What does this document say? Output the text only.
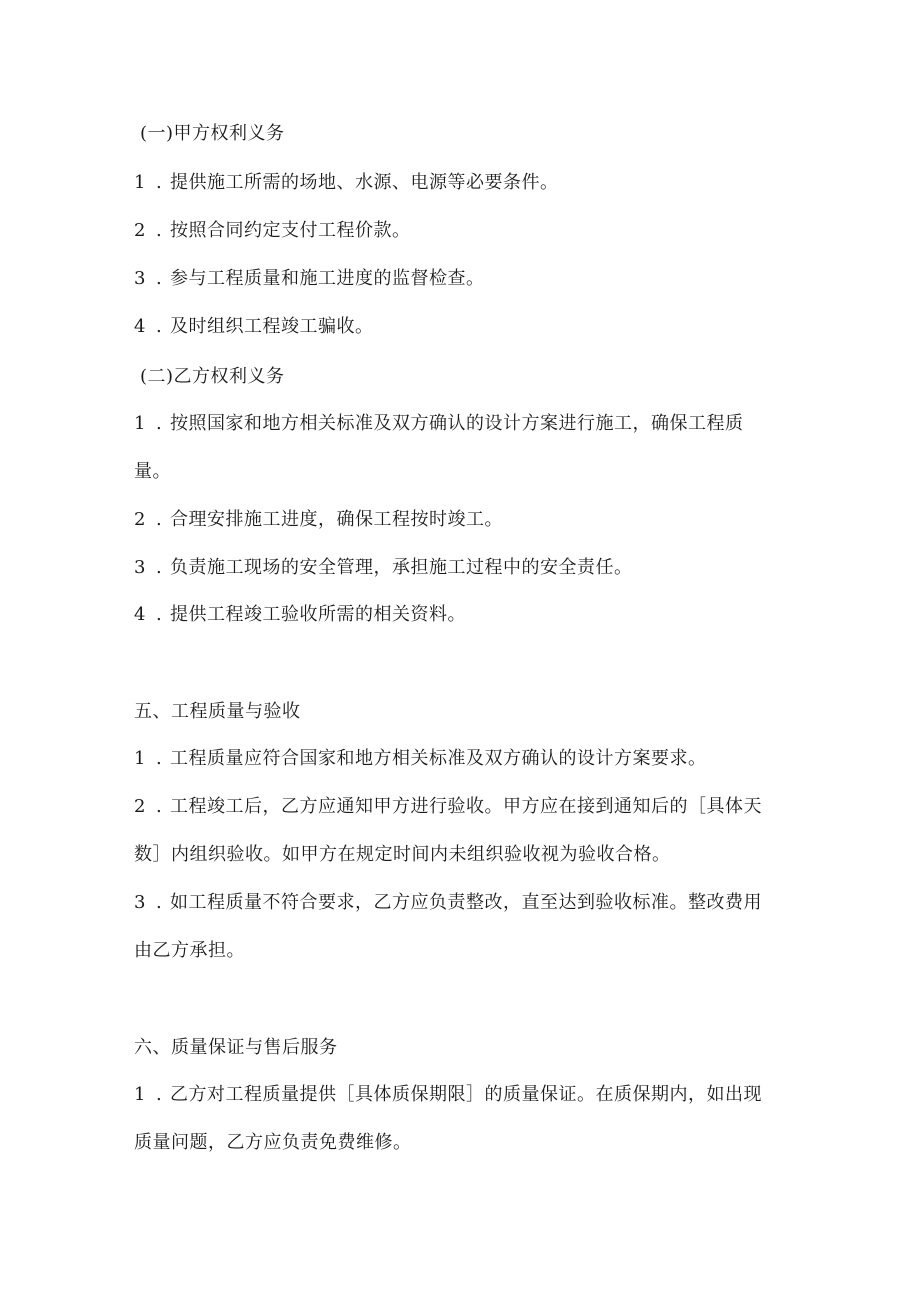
(一)甲方权利义务
1 . 提供施工所需的场地、水源、电源等必要条件。
2 . 按照合同约定支付工程价款。
3 . 参与工程质量和施工进度的监督检查。
4 . 及时组织工程竣工骗收。
(二)乙方权利义务
1 . 按照国家和地方相关标准及双方确认的设计方案进行施工，确保工程质
量。
2 . 合理安排施工进度，确保工程按时竣工。
3 . 负责施工现场的安全管理，承担施工过程中的安全责任。
4 . 提供工程竣工验收所需的相关资料。
五、工程质量与验收
1 . 工程质量应符合国家和地方相关标准及双方确认的设计方案要求。
2 . 工程竣工后，乙方应通知甲方进行验收。甲方应在接到通知后的［具体天
数］内组织验收。如甲方在规定时间内未组织验收视为验收合格。
3 . 如工程质量不符合要求，乙方应负责整改，直至达到验收标准。整改费用
由乙方承担。
六、质量保证与售后服务
1 . 乙方对工程质量提供［具体质保期限］的质量保证。在质保期内，如出现
质量问题，乙方应负责免费维修。
